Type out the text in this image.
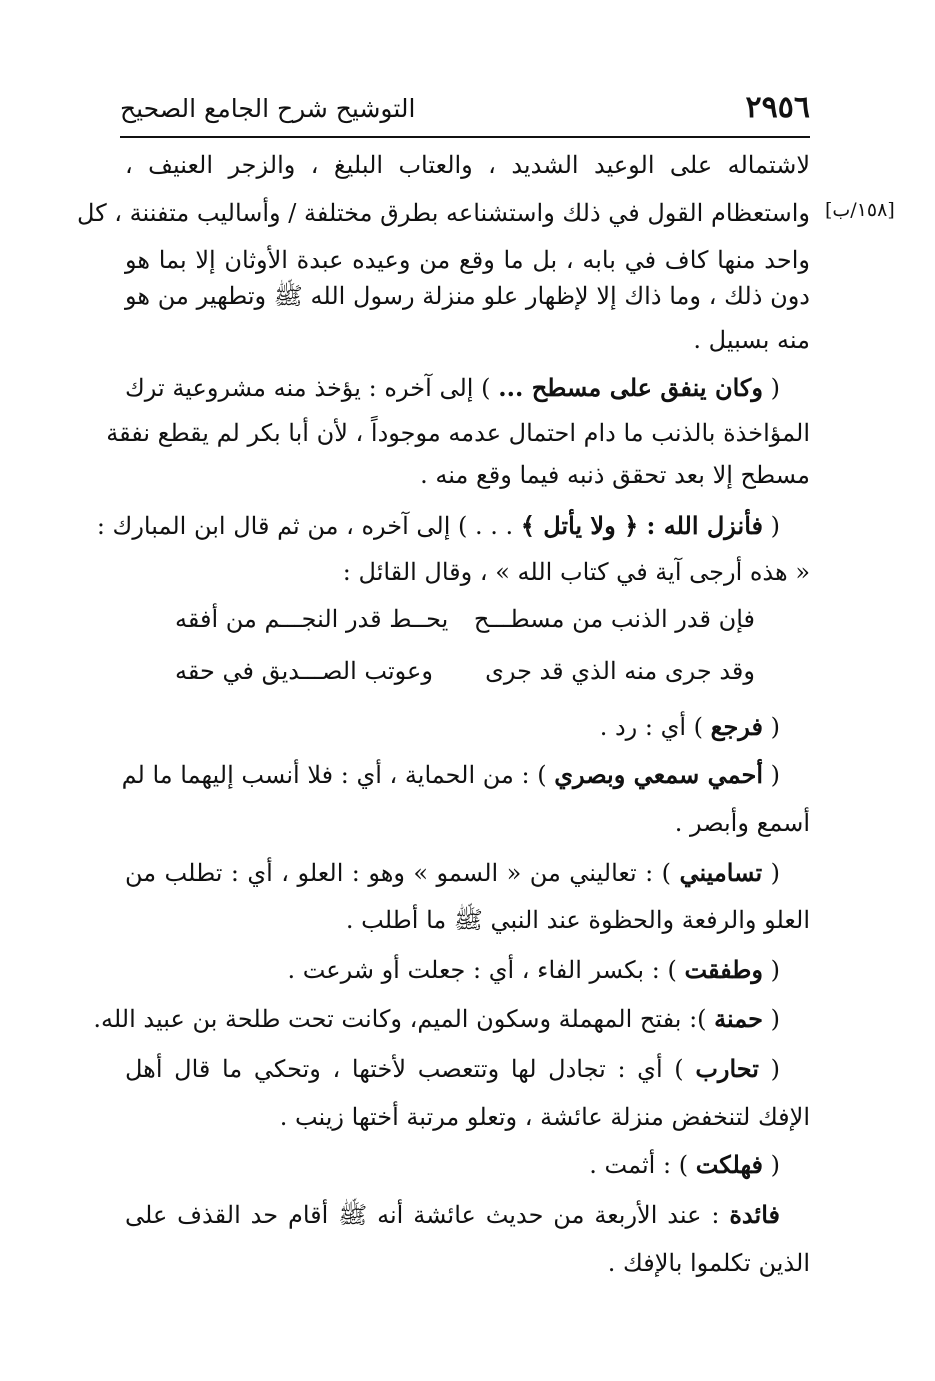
٢٩٥٦
التوشيح شرح الجامع الصحيح
[١٥٨/ب]
لاشتماله على الوعيد الشديد ، والعتاب البليغ ، والزجر العنيف ،
واستعظام القول في ذلك واستشناعه بطرق مختلفة / وأساليب متفننة ، كل
واحد منها كاف في بابه ، بل ما وقع من وعيده عبدة الأوثان إلا بما هو
دون ذلك ، وما ذاك إلا لإظهار علو منزلة رسول الله ﷺ وتطهير من هو
منه بسبيل .
( وكان ينفق على مسطح ... ) إلى آخره : يؤخذ منه مشروعية ترك
المؤاخذة بالذنب ما دام احتمال عدمه موجوداً ، لأن أبا بكر لم يقطع نفقة
مسطح إلا بعد تحقق ذنبه فيما وقع منه .
( فأنزل الله : ﴿ ولا يأتل ﴾ . . . ) إلى آخره ، من ثم قال ابن المبارك :
« هذه أرجى آية في كتاب الله » ، وقال القائل :
( فرجع ) أي : رد .
( أحمي سمعي وبصري ) : من الحماية ، أي : فلا أنسب إليهما ما لم
أسمع وأبصر .
( تساميني ) : تعاليني من « السمو » وهو : العلو ، أي : تطلب من
العلو والرفعة والحظوة عند النبي ﷺ ما أطلب .
( وطفقت ) : بكسر الفاء ، أي : جعلت أو شرعت .
( حمنة ): بفتح المهملة وسكون الميم، وكانت تحت طلحة بن عبيد الله.
( تحارب ) أي : تجادل لها وتتعصب لأختها ، وتحكي ما قال أهل
الإفك لتنخفض منزلة عائشة ، وتعلو مرتبة أختها زينب .
( فهلكت ) : أثمت .
فائدة : عند الأربعة من حديث عائشة أنه ﷺ أقام حد القذف على
الذين تكلموا بالإفك .
فإن قدر الذنب من مسطـــح
يحــط قدر النجـــم من أفقه
وقد جرى منه الذي قد جرى
وعوتب الصـــديق في حقه
